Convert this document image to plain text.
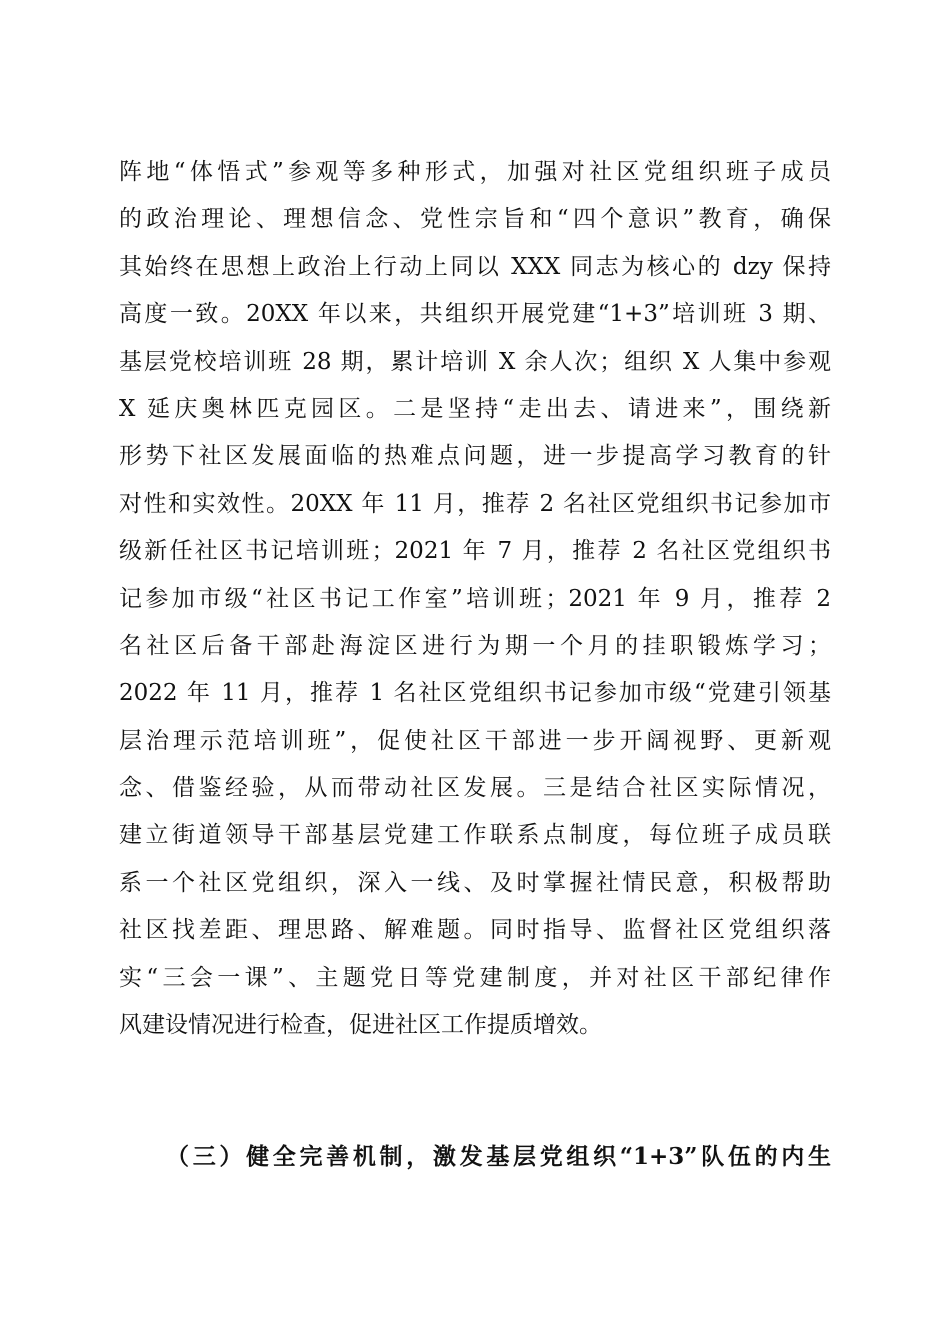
阵地“体悟式”参观等多种形式，加强对社区党组织班子成员
的政治理论、理想信念、党性宗旨和“四个意识”教育，确保
其始终在思想上政治上行动上同以 XXX 同志为核心的 dzy 保持
高度一致。20XX 年以来，共组织开展党建“1+3”培训班 3 期、
基层党校培训班 28 期，累计培训 X 余人次；组织 X 人集中参观
X 延庆奥林匹克园区。二是坚持“走出去、请进来”，围绕新
形势下社区发展面临的热难点问题，进一步提高学习教育的针
对性和实效性。20XX 年 11 月，推荐 2 名社区党组织书记参加市
级新任社区书记培训班；2021 年 7 月，推荐 2 名社区党组织书
记参加市级“社区书记工作室”培训班；2021 年 9 月，推荐 2
名社区后备干部赴海淀区进行为期一个月的挂职锻炼学习；
2022 年 11 月，推荐 1 名社区党组织书记参加市级“党建引领基
层治理示范培训班”，促使社区干部进一步开阔视野、更新观
念、借鉴经验，从而带动社区发展。三是结合社区实际情况，
建立街道领导干部基层党建工作联系点制度，每位班子成员联
系一个社区党组织，深入一线、及时掌握社情民意，积极帮助
社区找差距、理思路、解难题。同时指导、监督社区党组织落
实“三会一课”、主题党日等党建制度，并对社区干部纪律作
风建设情况进行检查，促进社区工作提质增效。
（三）健全完善机制，激发基层党组织“1+3”队伍的内生
